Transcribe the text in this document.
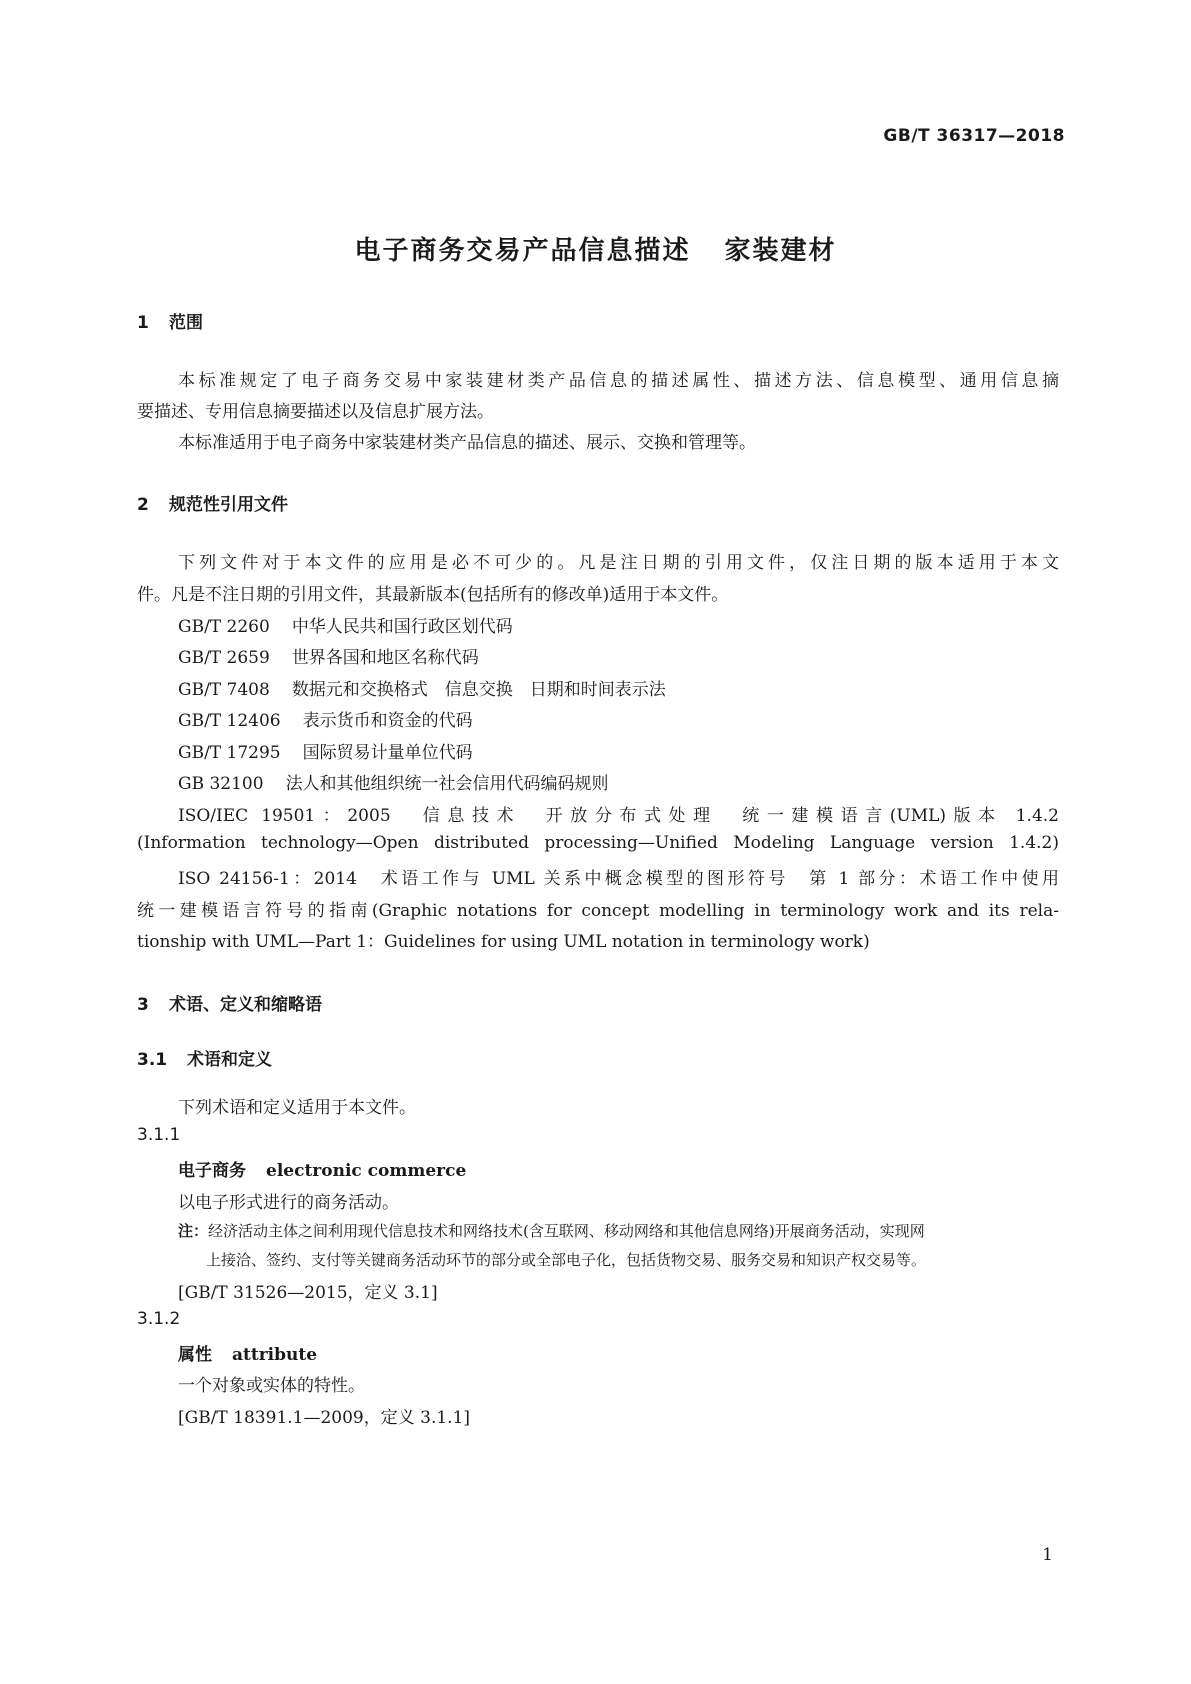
GB/T 36317—2018
电子商务交易产品信息描述 家装建材
1 范围
本标准规定了电子商务交易中家装建材类产品信息的描述属性、描述方法、信息模型、通用信息摘
要描述、专用信息摘要描述以及信息扩展方法。
本标准适用于电子商务中家装建材类产品信息的描述、展示、交换和管理等。
2 规范性引用文件
下列文件对于本文件的应用是必不可少的。凡是注日期的引用文件，仅注日期的版本适用于本文
件。凡是不注日期的引用文件，其最新版本(包括所有的修改单)适用于本文件。
GB/T 2260 中华人民共和国行政区划代码
GB/T 2659 世界各国和地区名称代码
GB/T 7408 数据元和交换格式　信息交换　日期和时间表示法
GB/T 12406 表示货币和资金的代码
GB/T 17295 国际贸易计量单位代码
GB 32100 法人和其他组织统一社会信用代码编码规则
ISO/IEC 19501：2005　信息技术　开放分布式处理　统一建模语言(UML)版本 1.4.2
(Information technology—Open distributed processing—Unified Modeling Language version 1.4.2)
ISO 24156-1：2014　术语工作与 UML 关系中概念模型的图形符号　第 1 部分：术语工作中使用
统一建模语言符号的指南(Graphic notations for concept modelling in terminology work and its rela-
tionship with UML—Part 1：Guidelines for using UML notation in terminology work)
3 术语、定义和缩略语
3.1 术语和定义
下列术语和定义适用于本文件。
3.1.1
电子商务 electronic commerce
以电子形式进行的商务活动。
注：经济活动主体之间利用现代信息技术和网络技术(含互联网、移动网络和其他信息网络)开展商务活动，实现网
上接洽、签约、支付等关键商务活动环节的部分或全部电子化，包括货物交易、服务交易和知识产权交易等。
[GB/T 31526—2015，定义 3.1]
3.1.2
属性 attribute
一个对象或实体的特性。
[GB/T 18391.1—2009，定义 3.1.1]
1
